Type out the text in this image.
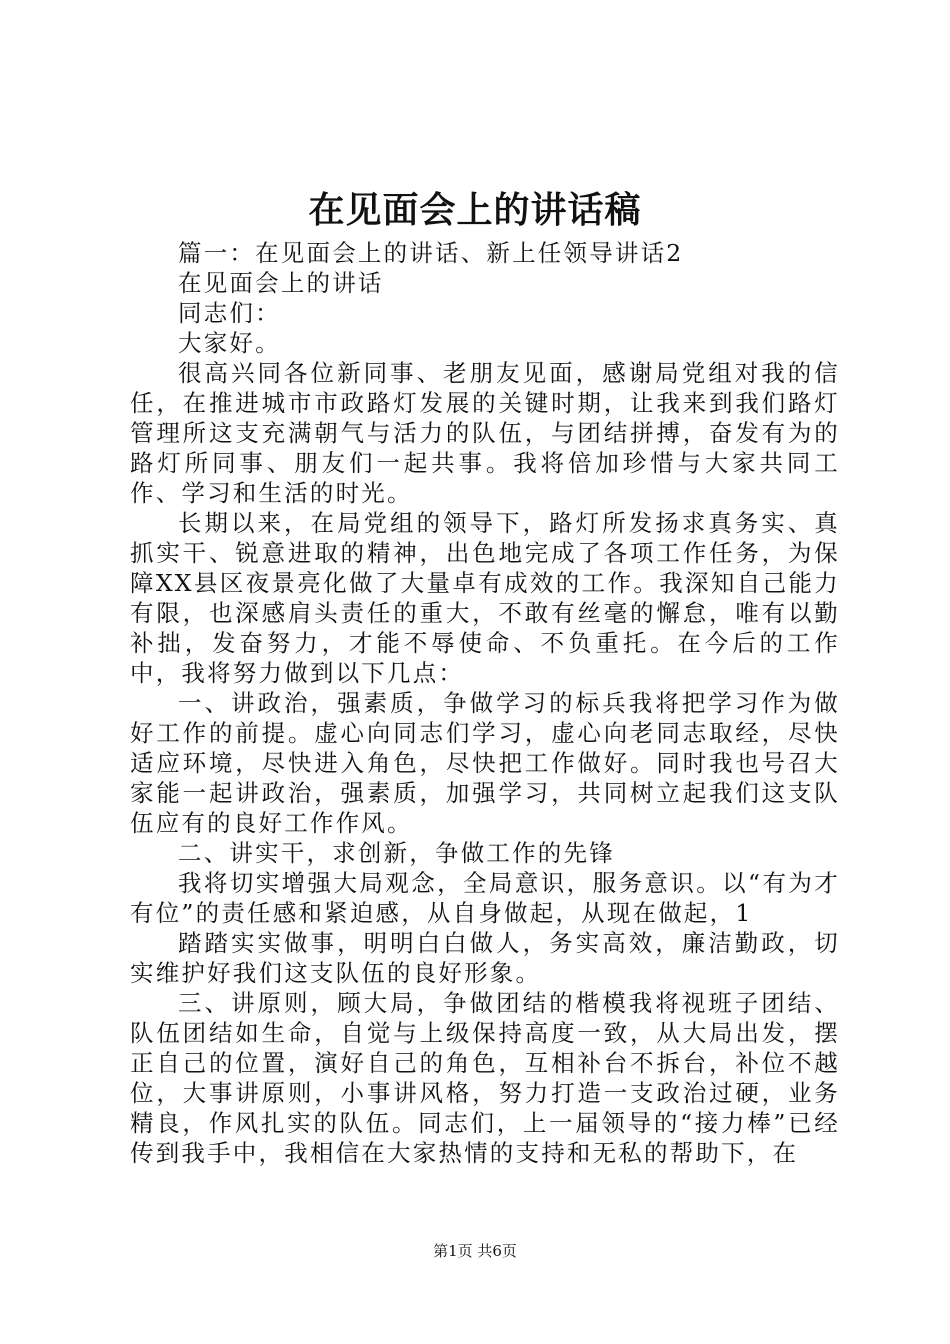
在见面会上的讲话稿

篇一：在见面会上的讲话、新上任领导讲话2

在见面会上的讲话

同志们：

大家好。

很高兴同各位新同事、老朋友见面，感谢局党组对我的信任，在推进城市市政路灯发展的关键时期，让我来到我们路灯管理所这支充满朝气与活力的队伍，与团结拼搏，奋发有为的路灯所同事、朋友们一起共事。我将倍加珍惜与大家共同工作、学习和生活的时光。

长期以来，在局党组的领导下，路灯所发扬求真务实、真抓实干、锐意进取的精神，出色地完成了各项工作任务，为保障XX县区夜景亮化做了大量卓有成效的工作。我深知自己能力有限，也深感肩头责任的重大，不敢有丝毫的懈怠，唯有以勤补拙，发奋努力，才能不辱使命、不负重托。在今后的工作中，我将努力做到以下几点：

一、讲政治，强素质，争做学习的标兵我将把学习作为做好工作的前提。虚心向同志们学习，虚心向老同志取经，尽快适应环境，尽快进入角色，尽快把工作做好。同时我也号召大家能一起讲政治，强素质，加强学习，共同树立起我们这支队伍应有的良好工作作风。

二、讲实干，求创新，争做工作的先锋

我将切实增强大局观念，全局意识，服务意识。以“有为才有位”的责任感和紧迫感，从自身做起，从现在做起，1

踏踏实实做事，明明白白做人，务实高效，廉洁勤政，切实维护好我们这支队伍的良好形象。

三、讲原则，顾大局，争做团结的楷模我将视班子团结、队伍团结如生命，自觉与上级保持高度一致，从大局出发，摆正自己的位置，演好自己的角色，互相补台不拆台，补位不越位，大事讲原则，小事讲风格，努力打造一支政治过硬，业务精良，作风扎实的队伍。同志们，上一届领导的“接力棒”已经传到我手中，我相信在大家热情的支持和无私的帮助下，在

第1页 共6页
